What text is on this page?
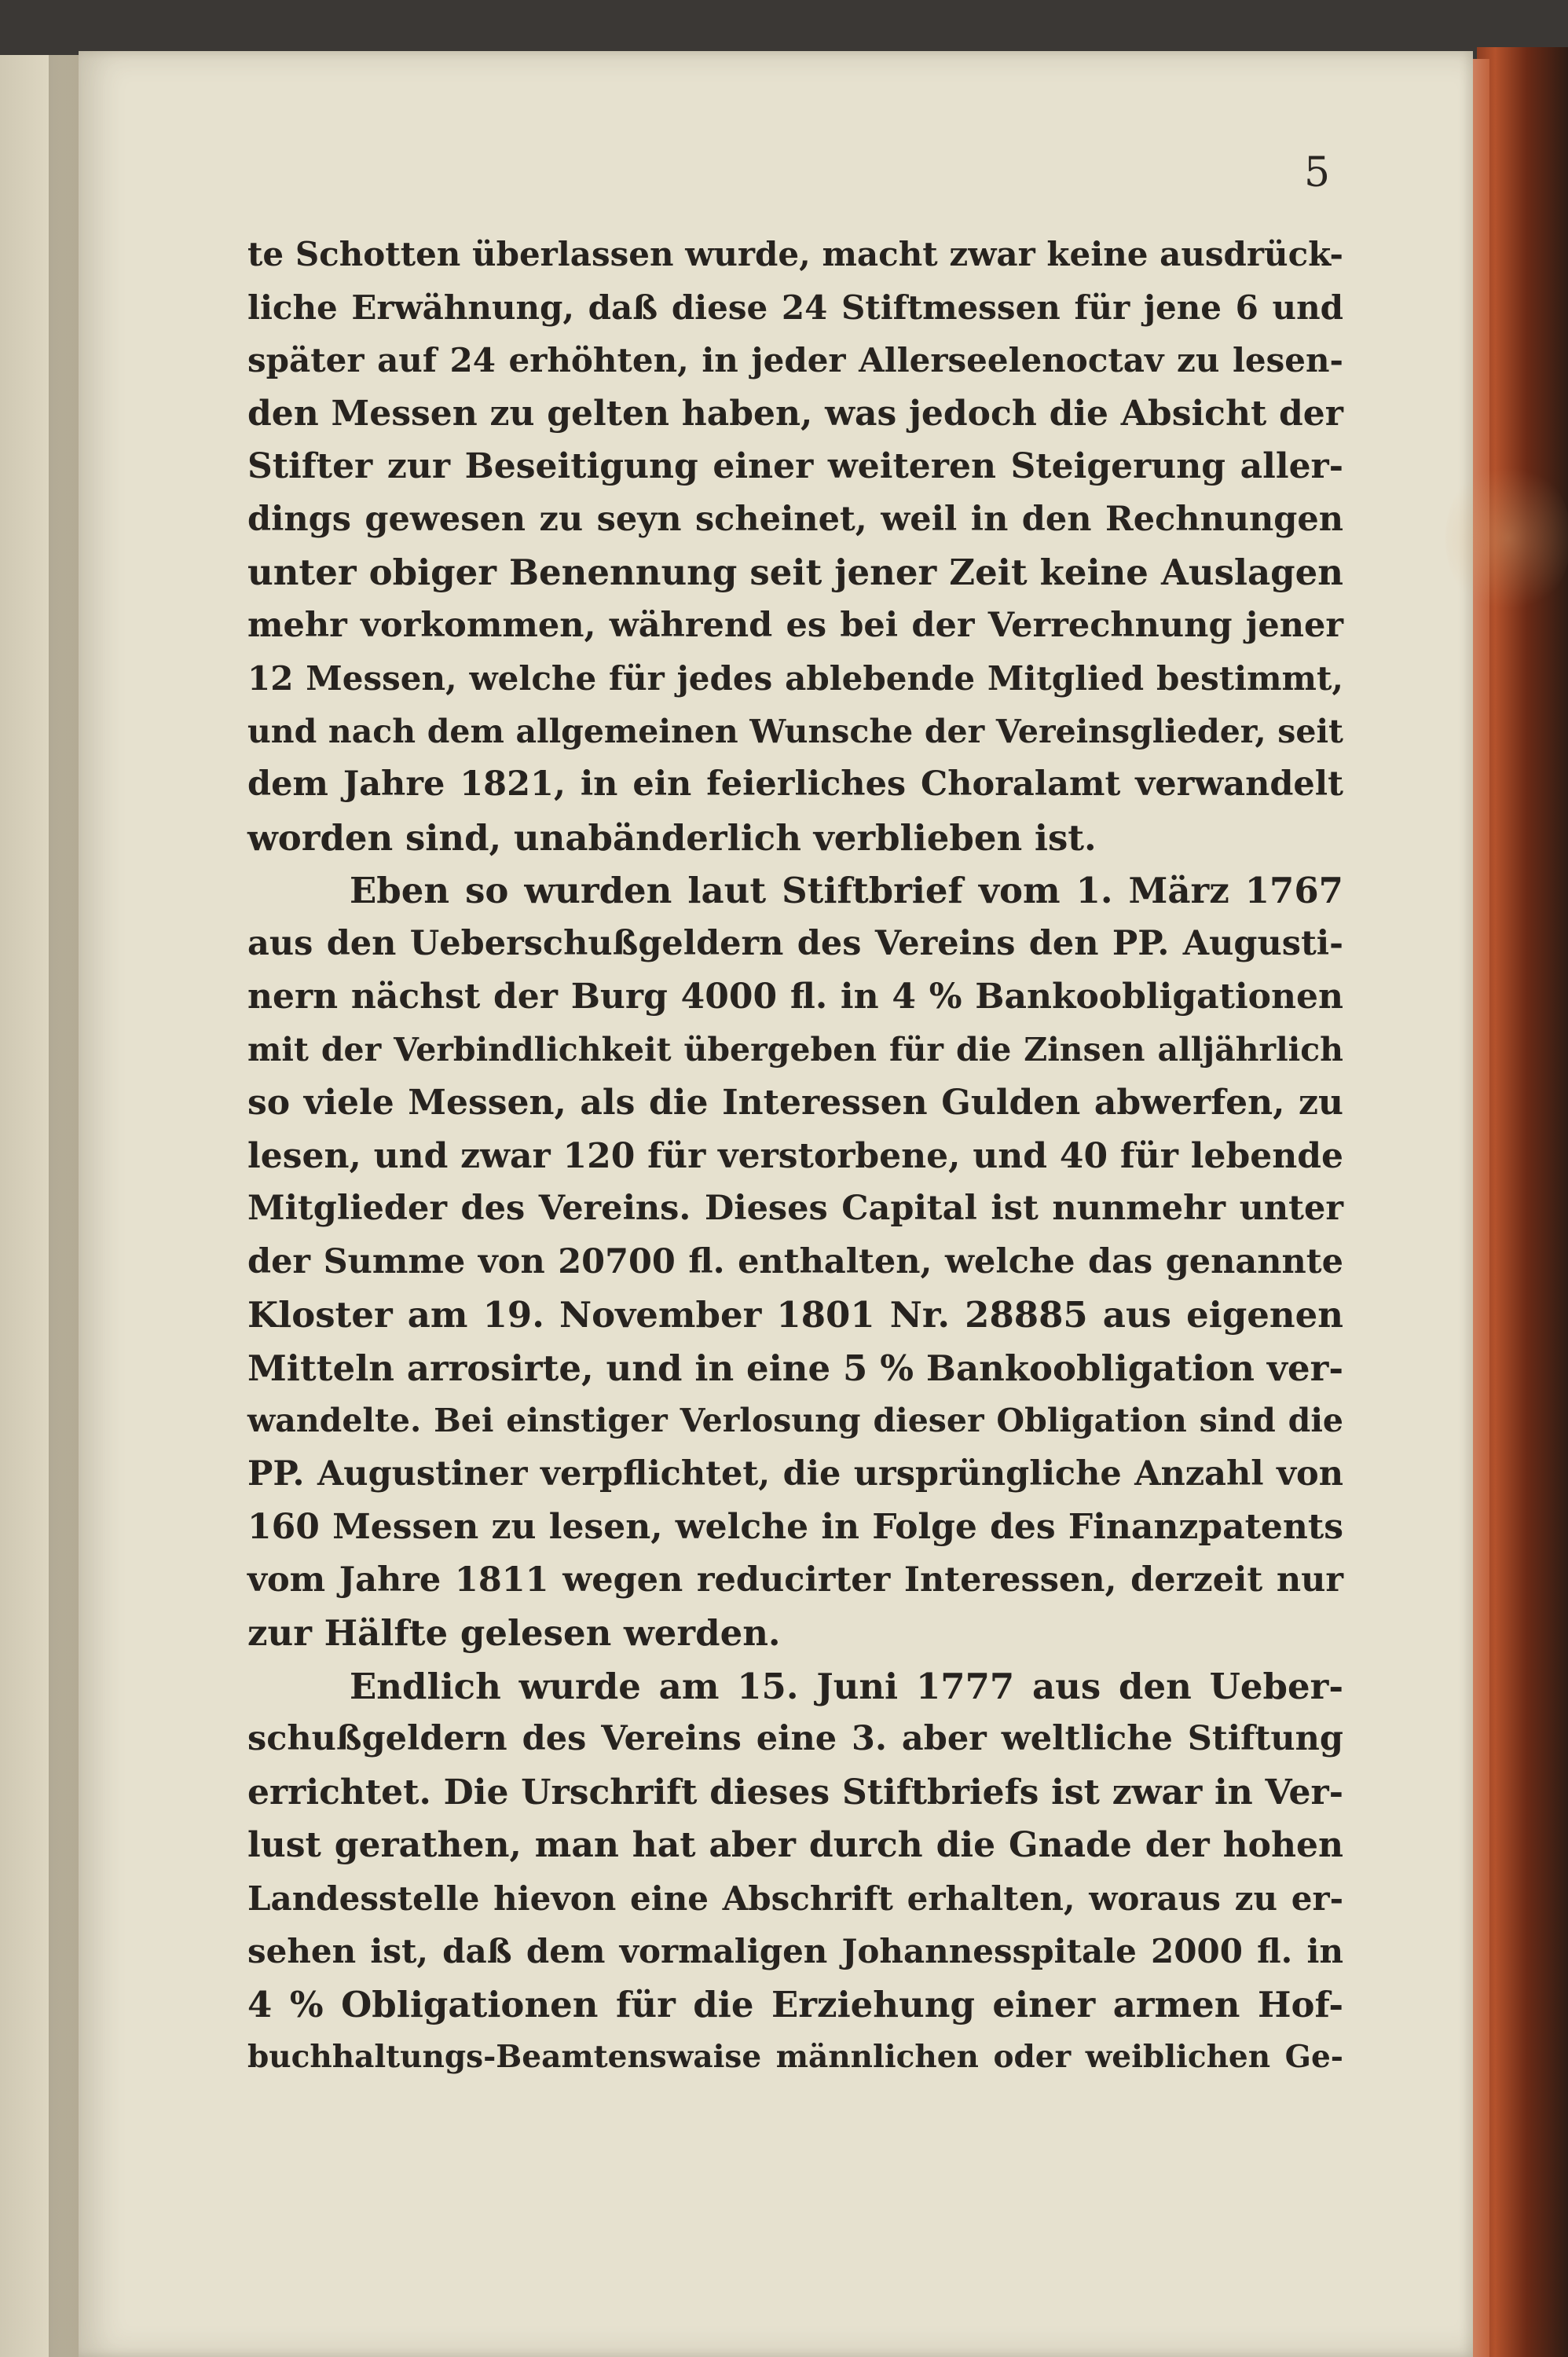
5
te Schotten überlassen wurde, macht zwar keine ausdrück-
liche Erwähnung, daß diese 24 Stiftmessen für jene 6 und
später auf 24 erhöhten, in jeder Allerseelenoctav zu lesen-
den Messen zu gelten haben, was jedoch die Absicht der
Stifter zur Beseitigung einer weiteren Steigerung aller-
dings gewesen zu seyn scheinet, weil in den Rechnungen
unter obiger Benennung seit jener Zeit keine Auslagen
mehr vorkommen, während es bei der Verrechnung jener
12 Messen, welche für jedes ablebende Mitglied bestimmt,
und nach dem allgemeinen Wunsche der Vereinsglieder, seit
dem Jahre 1821, in ein feierliches Choralamt verwandelt
worden sind, unabänderlich verblieben ist.
Eben so wurden laut Stiftbrief vom 1. März 1767
aus den Ueberschußgeldern des Vereins den PP. Augusti-
nern nächst der Burg 4000 fl. in 4 % Bankoobligationen
mit der Verbindlichkeit übergeben für die Zinsen alljährlich
so viele Messen, als die Interessen Gulden abwerfen, zu
lesen, und zwar 120 für verstorbene, und 40 für lebende
Mitglieder des Vereins. Dieses Capital ist nunmehr unter
der Summe von 20700 fl. enthalten, welche das genannte
Kloster am 19. November 1801 Nr. 28885 aus eigenen
Mitteln arrosirte, und in eine 5 % Bankoobligation ver-
wandelte. Bei einstiger Verlosung dieser Obligation sind die
PP. Augustiner verpflichtet, die ursprüngliche Anzahl von
160 Messen zu lesen, welche in Folge des Finanzpatents
vom Jahre 1811 wegen reducirter Interessen, derzeit nur
zur Hälfte gelesen werden.
Endlich wurde am 15. Juni 1777 aus den Ueber-
schußgeldern des Vereins eine 3. aber weltliche Stiftung
errichtet. Die Urschrift dieses Stiftbriefs ist zwar in Ver-
lust gerathen, man hat aber durch die Gnade der hohen
Landesstelle hievon eine Abschrift erhalten, woraus zu er-
sehen ist, daß dem vormaligen Johannesspitale 2000 fl. in
4 % Obligationen für die Erziehung einer armen Hof-
buchhaltungs-Beamtenswaise männlichen oder weiblichen Ge-
